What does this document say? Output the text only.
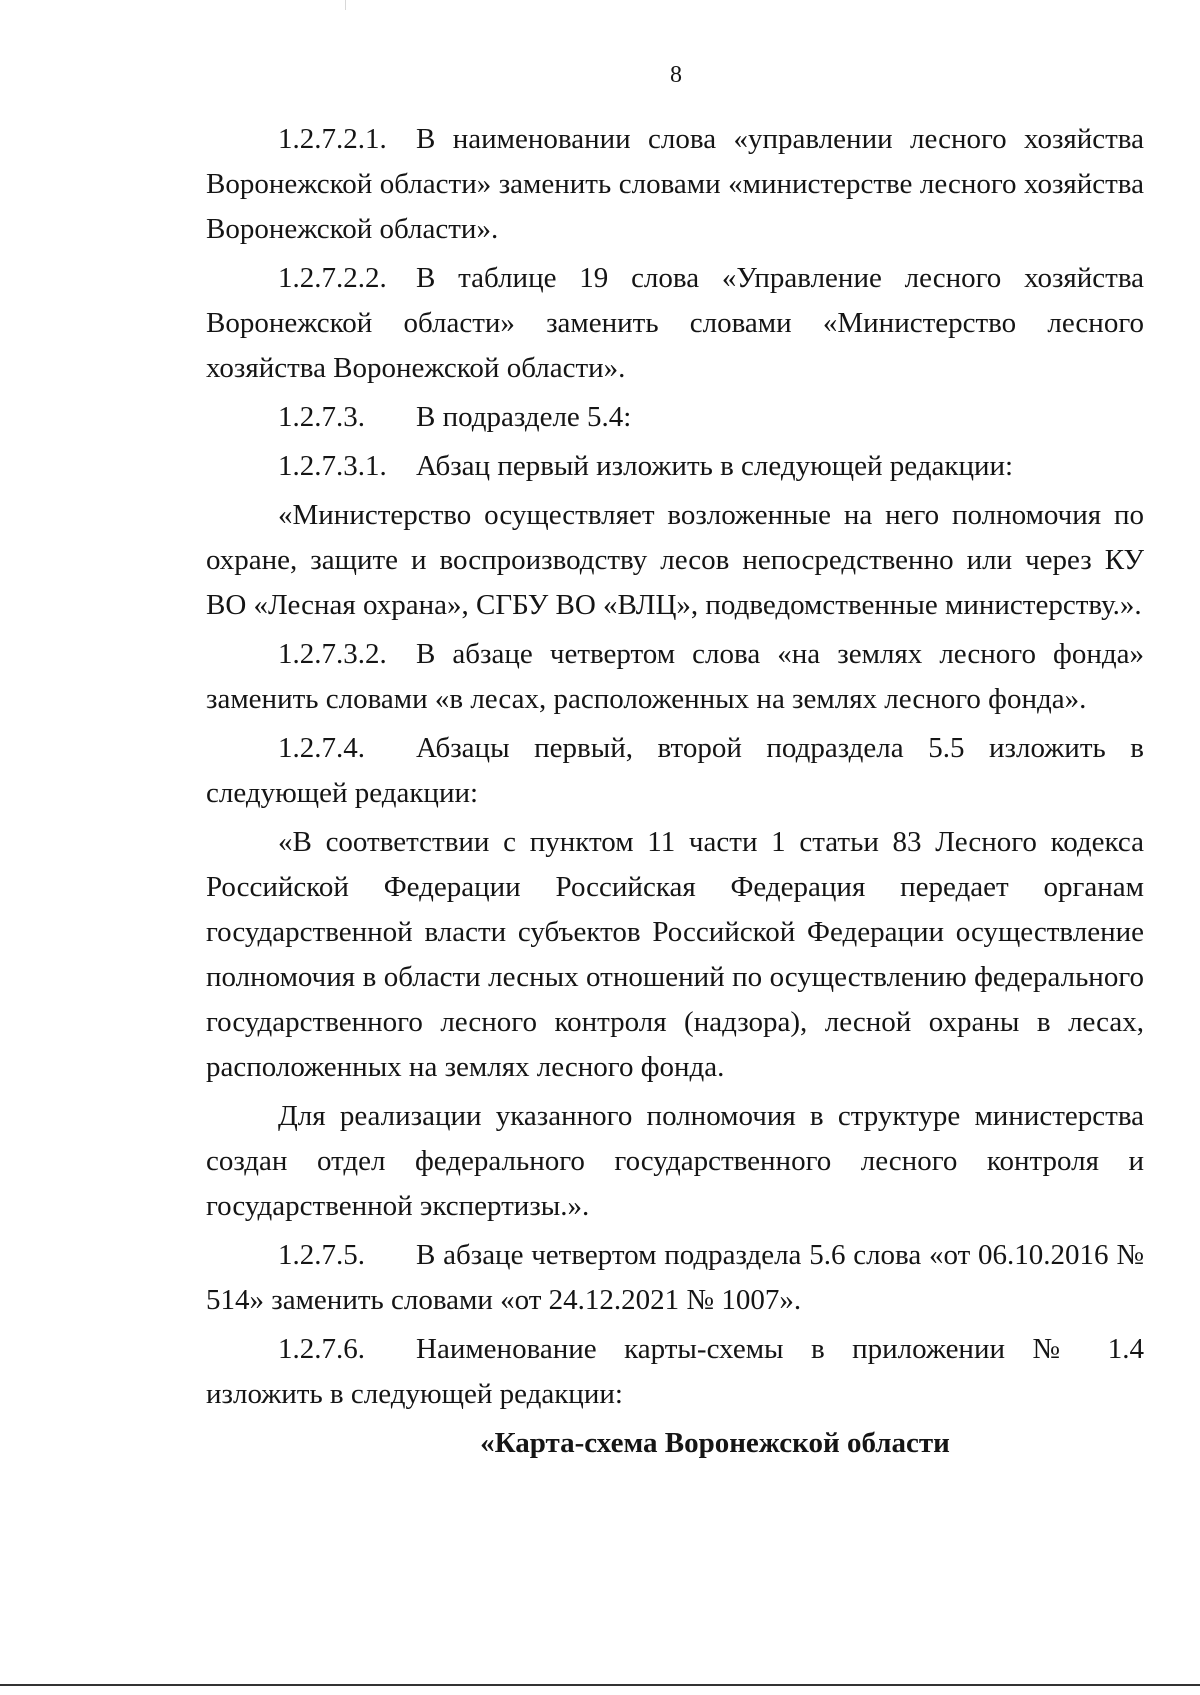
8

1.2.7.2.1. В наименовании слова «управлении лесного хозяйства Воронежской области» заменить словами «министерстве лесного хозяйства Воронежской области».

1.2.7.2.2. В таблице 19 слова «Управление лесного хозяйства Воронежской области» заменить словами «Министерство лесного хозяйства Воронежской области».

1.2.7.3. В подразделе 5.4:

1.2.7.3.1. Абзац первый изложить в следующей редакции:

«Министерство осуществляет возложенные на него полномочия по охране, защите и воспроизводству лесов непосредственно или через КУ ВО «Лесная охрана», СГБУ ВО «ВЛЦ», подведомственные министерству.».

1.2.7.3.2. В абзаце четвертом слова «на землях лесного фонда» заменить словами «в лесах, расположенных на землях лесного фонда».

1.2.7.4. Абзацы первый, второй подраздела 5.5 изложить в следующей редакции:

«В соответствии с пунктом 11 части 1 статьи 83 Лесного кодекса Российской Федерации Российская Федерация передает органам государственной власти субъектов Российской Федерации осуществление полномочия в области лесных отношений по осуществлению федерального государственного лесного контроля (надзора), лесной охраны в лесах, расположенных на землях лесного фонда.

Для реализации указанного полномочия в структуре министерства создан отдел федерального государственного лесного контроля и государственной экспертизы.».

1.2.7.5. В абзаце четвертом подраздела 5.6 слова «от 06.10.2016 № 514» заменить словами «от 24.12.2021 № 1007».

1.2.7.6. Наименование карты-схемы в приложении № 1.4 изложить в следующей редакции:

«Карта-схема Воронежской области
